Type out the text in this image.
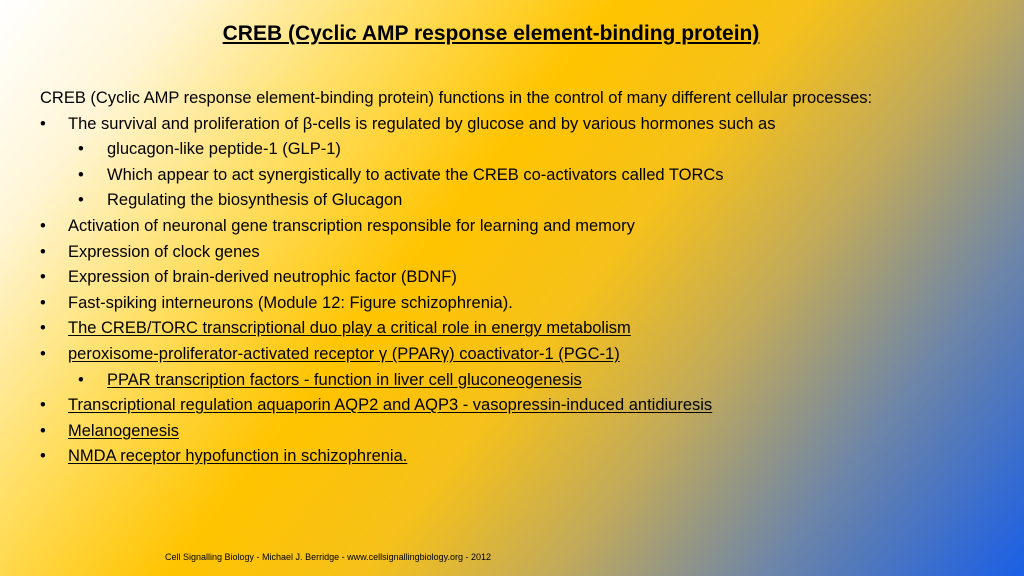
CREB (Cyclic AMP response element-binding protein)

CREB (Cyclic AMP response element-binding protein) functions in the control of many different cellular processes:

•	The survival and proliferation of β-cells is regulated by glucose and by various hormones such as
•	glucagon-like peptide-1 (GLP-1)
•	Which appear to act synergistically to activate the CREB co-activators called TORCs
•	Regulating the biosynthesis of Glucagon
•	Activation of neuronal gene transcription responsible for learning and memory
•	Expression of clock genes
•	Expression of brain-derived neutrophic factor (BDNF)
•	Fast-spiking interneurons (Module 12: Figure schizophrenia).
•	The CREB/TORC transcriptional duo play a critical role in energy metabolism
•	peroxisome-proliferator-activated receptor γ (PPARγ) coactivator-1 (PGC-1)
•	PPAR transcription factors - function in liver cell gluconeogenesis
•	Transcriptional regulation aquaporin AQP2 and AQP3 - vasopressin-induced antidiuresis
•	Melanogenesis
•	NMDA receptor hypofunction in schizophrenia.
Cell Signalling Biology - Michael J. Berridge - www.cellsignallingbiology.org - 2012
